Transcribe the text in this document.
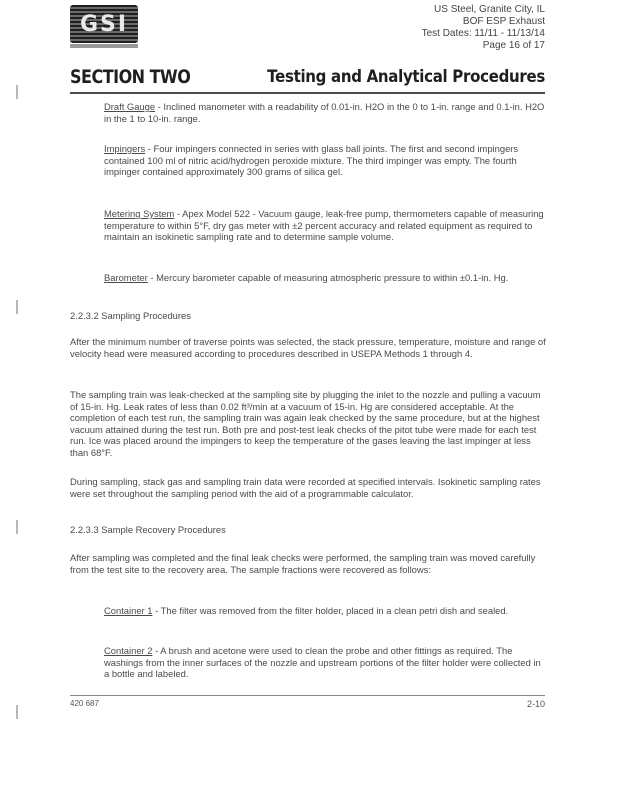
GSI
US Steel, Granite City, IL
BOF ESP Exhaust
Test Dates: 11/11 - 11/13/14
Page 16 of 17
SECTION TWO	Testing and Analytical Procedures
Draft Gauge - Inclined manometer with a readability of 0.01-in. H2O in the 0 to 1-in. range and 0.1-in. H2O in the 1 to 10-in. range.
Impingers - Four impingers connected in series with glass ball joints. The first and second impingers contained 100 ml of nitric acid/hydrogen peroxide mixture. The third impinger was empty. The fourth impinger contained approximately 300 grams of silica gel.
Metering System - Apex Model 522 - Vacuum gauge, leak-free pump, thermometers capable of measuring temperature to within 5°F, dry gas meter with ±2 percent accuracy and related equipment as required to maintain an isokinetic sampling rate and to determine sample volume.
Barometer - Mercury barometer capable of measuring atmospheric pressure to within ±0.1-in. Hg.
2.2.3.2 Sampling Procedures
After the minimum number of traverse points was selected, the stack pressure, temperature, moisture and range of velocity head were measured according to procedures described in USEPA Methods 1 through 4.
The sampling train was leak-checked at the sampling site by plugging the inlet to the nozzle and pulling a vacuum of 15-in. Hg. Leak rates of less than 0.02 ft³/min at a vacuum of 15-in. Hg are considered acceptable. At the completion of each test run, the sampling train was again leak checked by the same procedure, but at the highest vacuum attained during the test run. Both pre and post-test leak checks of the pitot tube were made for each test run. Ice was placed around the impingers to keep the temperature of the gases leaving the last impinger at less than 68°F.
During sampling, stack gas and sampling train data were recorded at specified intervals. Isokinetic sampling rates were set throughout the sampling period with the aid of a programmable calculator.
2.2.3.3 Sample Recovery Procedures
After sampling was completed and the final leak checks were performed, the sampling train was moved carefully from the test site to the recovery area. The sample fractions were recovered as follows:
Container 1 - The filter was removed from the filter holder, placed in a clean petri dish and sealed.
Container 2 - A brush and acetone were used to clean the probe and other fittings as required. The washings from the inner surfaces of the nozzle and upstream portions of the filter holder were collected in a bottle and labeled.
420 687	2-10
